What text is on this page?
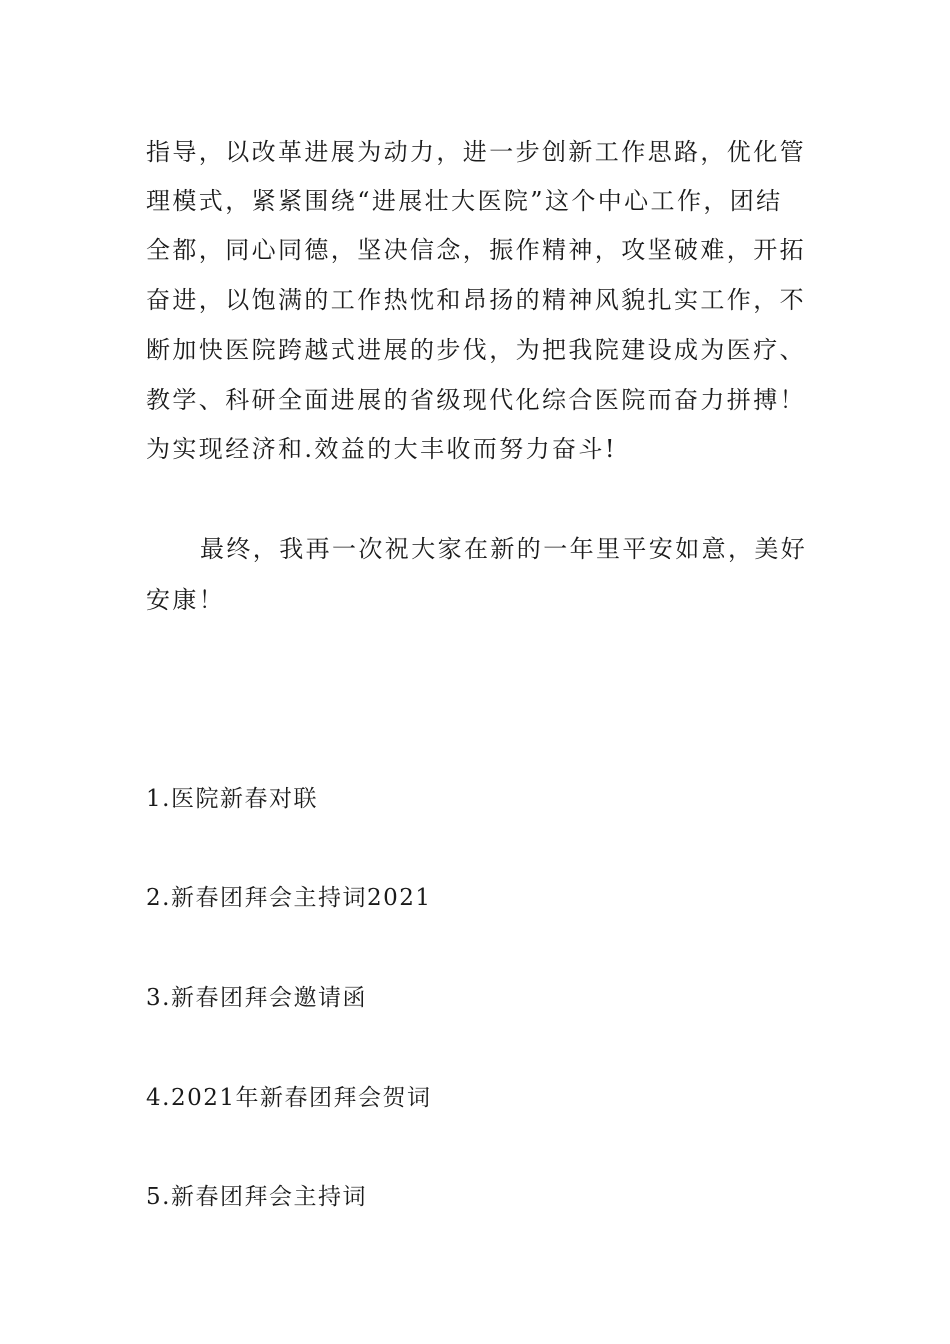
指导，以改革进展为动力，进一步创新工作思路，优化管
理模式，紧紧围绕“进展壮大医院”这个中心工作，团结
全都，同心同德，坚决信念，振作精神，攻坚破难，开拓
奋进，以饱满的工作热忱和昂扬的精神风貌扎实工作，不
断加快医院跨越式进展的步伐，为把我院建设成为医疗、
教学、科研全面进展的省级现代化综合医院而奋力拼搏！
为实现经济和.效益的大丰收而努力奋斗!
最终，我再一次祝大家在新的一年里平安如意，美好
安康！
1.医院新春对联
2.新春团拜会主持词2021
3.新春团拜会邀请函
4.2021年新春团拜会贺词
5.新春团拜会主持词
